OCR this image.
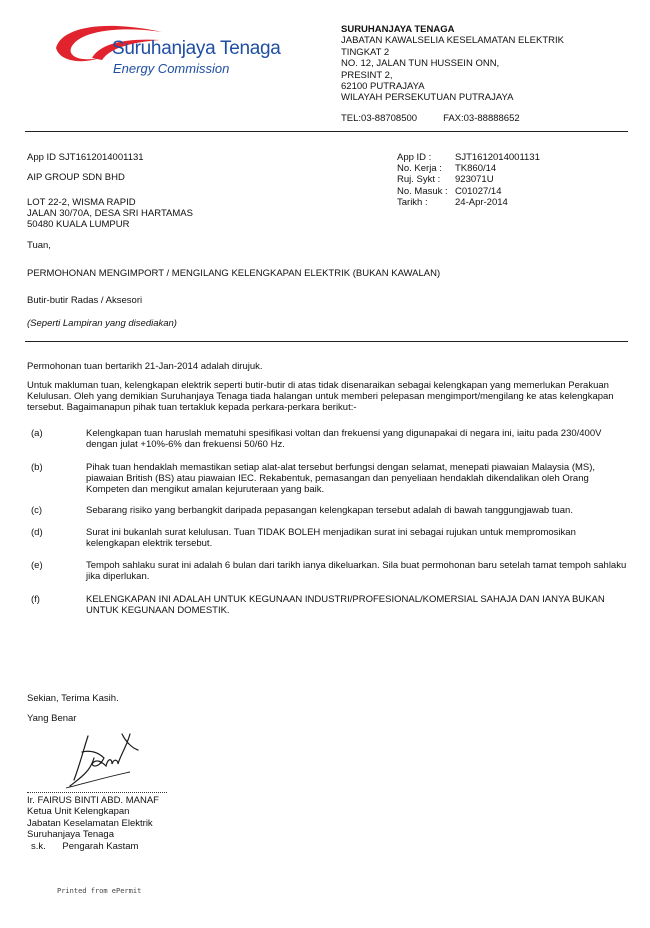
Suruhanjaya Tenaga
Energy Commission
SURUHANJAYA TENAGA
JABATAN KAWALSELIA KESELAMATAN ELEKTRIK
TINGKAT 2
NO. 12, JALAN TUN HUSSEIN ONN,
PRESINT 2,
62100 PUTRAJAYA
WILAYAH PERSEKUTUAN PUTRAJAYA
TEL:03-88708500	FAX:03-88888652
App ID SJT1612014001131
AIP GROUP SDN BHD
LOT 22-2, WISMA RAPID
JALAN 30/70A, DESA SRI HARTAMAS
50480 KUALA LUMPUR
App ID :	SJT1612014001131
No. Kerja :	TK860/14
Ruj. Sykt :	923071U
No. Masuk : C01027/14
Tarikh :	24-Apr-2014
Tuan,
PERMOHONAN MENGIMPORT / MENGILANG KELENGKAPAN ELEKTRIK (BUKAN KAWALAN)
Butir-butir Radas / Aksesori
(Seperti Lampiran yang disediakan)
Permohonan tuan bertarikh 21-Jan-2014 adalah dirujuk.
Untuk makluman tuan, kelengkapan elektrik seperti butir-butir di atas tidak disenaraikan sebagai kelengkapan yang memerlukan Perakuan Kelulusan. Oleh yang demikian Suruhanjaya Tenaga tiada halangan untuk memberi pelepasan mengimport/mengilang ke atas kelengkapan tersebut. Bagaimanapun pihak tuan tertakluk kepada perkara-perkara berikut:-
(a)	Kelengkapan tuan haruslah mematuhi spesifikasi voltan dan frekuensi yang digunapakai di negara ini, iaitu pada 230/400V dengan julat +10%-6% dan frekuensi 50/60 Hz.
(b)	Pihak tuan hendaklah memastikan setiap alat-alat tersebut berfungsi dengan selamat, menepati piawaian Malaysia (MS), piawaian British (BS) atau piawaian IEC. Rekabentuk, pemasangan dan penyeliaan hendaklah dikendalikan oleh Orang Kompeten dan mengikut amalan kejuruteraan yang baik.
(c)	Sebarang risiko yang berbangkit daripada pepasangan kelengkapan tersebut adalah di bawah tanggungjawab tuan.
(d)	Surat ini bukanlah surat kelulusan. Tuan TIDAK BOLEH menjadikan surat ini sebagai rujukan untuk mempromosikan kelengkapan elektrik tersebut.
(e)	Tempoh sahlaku surat ini adalah 6 bulan dari tarikh ianya dikeluarkan. Sila buat permohonan baru setelah tamat tempoh sahlaku jika diperlukan.
(f)	KELENGKAPAN INI ADALAH UNTUK KEGUNAAN INDUSTRI/PROFESIONAL/KOMERSIAL SAHAJA DAN IANYA BUKAN UNTUK KEGUNAAN DOMESTIK.
Sekian, Terima Kasih.
Yang Benar
Ir. FAIRUS BINTI ABD. MANAF
Ketua Unit Kelengkapan
Jabatan Keselamatan Elektrik
Suruhanjaya Tenaga
s.k. Pengarah Kastam
Printed from ePermit
